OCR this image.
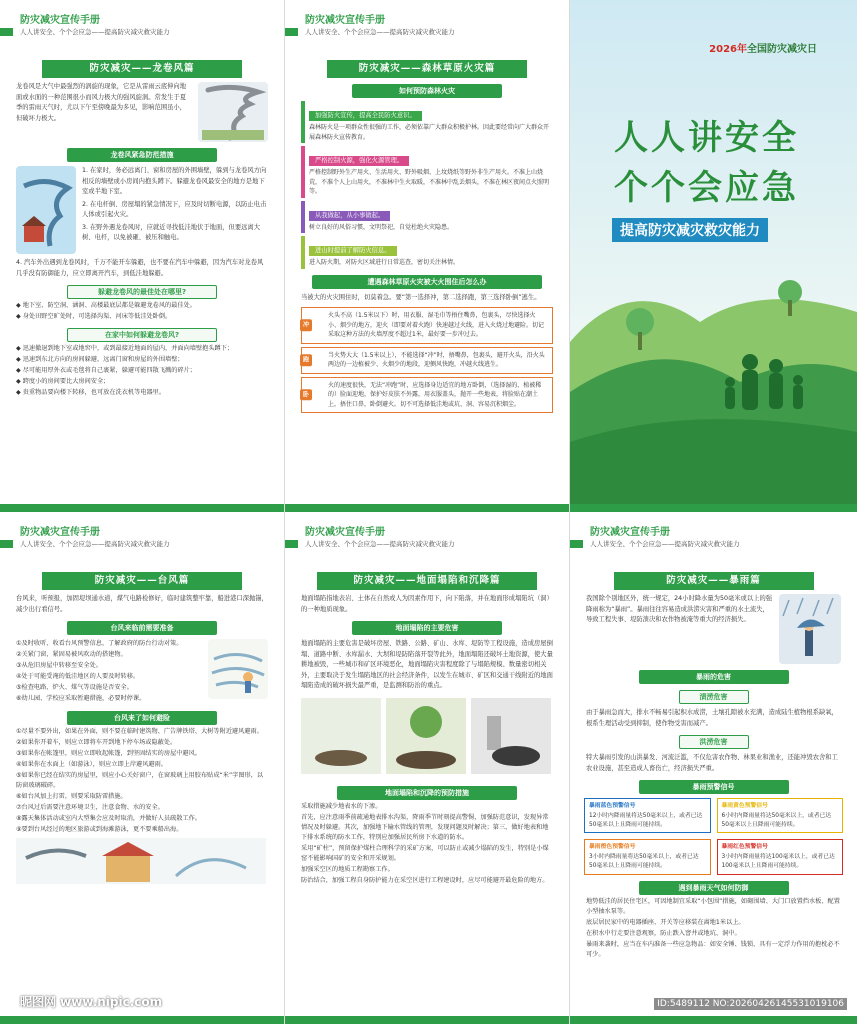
防灾减灾宣传手册
人人讲安全、个个会应急——提高防灾减灾救灾能力
防灾减灾——龙卷风篇
龙卷风是大气中最强烈的涡旋的现象，它是从雷雨云底伸向地面或水面的一种范围很小而风力极大的强风旋涡。常发生于夏季的雷雨天气时，尤以下午至傍晚最为多见，影响范围虽小，但破坏力极大。
龙卷风紧急防范措施
1. 在家时，务必远离门、窗和房屋的外围墙壁，躲到与龙卷风方向相反的墙壁或小房间内抱头蹲下。躲避龙卷风最安全的地方是地下室或半地下室。
2. 在电杆倒、房屋塌的紧急情况下，应及时切断电源，以防止电击人体或引起火灾。
3. 在野外遇龙卷风时，应就近寻找低洼地伏于地面，但要远离大树、电杆，以免被砸、被压和触电。
4. 汽车外出遇到龙卷风时，千万不能开车躲避，也不要在汽车中躲避，因为汽车对龙卷风几乎没有防御能力，应立即离开汽车，到低洼地躲避。
躲避龙卷风的最佳处在哪里?
◆ 地下室、防空洞、涵洞、高楼最底层都是躲避龙卷风的最佳处。
◆ 身处田野空旷处时，可选择沟渠、河床等低洼处卧倒。
在家中如何躲避龙卷风?
◆ 迅速撤退到地下室或地窖中，或到最接近地面的屋内，并面向墙壁抱头蹲下；
◆ 迅速到东北方向的房间躲避，远离门窗和房屋的外围墙壁；
◆ 尽可能用厚外衣或毛毯将自己裹紧，躲避可能四散飞溅的碎片；
◆ 跨度小的房间要比大房间安全；
◆ 贵重物品要向楼下转移，也可放在洗衣机等电器里。
防灾减灾宣传手册
人人讲安全、个个会应急——提高防灾减灾救灾能力
防灾减灾——森林草原火灾篇
如何预防森林火灾
加强防火宣传，提高全民防火意识。
森林防火是一项群众性很强的工作，必须依靠广大群众积极护林。因此要经常向广大群众开展森林防火宣传教育。
严格控制火源，强化火源管理。
严格控制野外生产用火、生活用火、野外吸烟、上坟烧纸等野外非生产用火。不准上山烧荒，不准个人上山用火，不准林中生火取暖，不准林中乱丢烟头，不准在林区夜间点火照明等。
从我做起，从小事做起。
树立良好的风俗习惯，文明祭祀，自觉杜绝火灾隐患。
进山时提前了解防火信息。
进入防火期，对防火区域进行日常巡查，密切关注林情。
遭遇森林草原火灾被大火围住后怎么办
当被大的火灾围住时，切莫着急。要“第一选择冲，第二选择跑，第三选择卧倒”逃生。
冲
火头不高（1.5米以下）时，用衣服、湿毛巾等捂住嘴鼻，包裹头，尽快选择火小、烟少的地方，迎火（即要对着火跑）快速越过火线，进入火烧过地避险。切记采取这种方法的火墙厚度不超过1米，最好要一步冲过去。
跑
当火势大大（1.5米以上），不能选择“冲”时，捂嘴鼻，包裹头，避开火头，沿火头两边的一边植被少、火烟少的地段，迎侧风快跑，冲越火线逃生。
卧
火的速度很快，无法“冲跑”时，应选择身边适宜的地方卧倒，（选择湿的、植被稀的）脸面迎地，保护好皮肤不外露，用衣服盖头，抛开一些地表，将脸贴在潮土上，捂住口鼻，卧倒避火。切不可选择低洼地或坑、洞、容易沉积烟尘。
2026年全国防灾减灾日
人人讲安全
个个会应急
提高防灾减灾救灾能力
防灾减灾宣传手册
人人讲安全、个个会应急——提高防灾减灾救灾能力
防灾减灾——台风篇
台风来，听预报，加固堤坝通水道，煤气电路检修好，临时建筑整牢靠，船进港口深抛锚，减少出行看信号。
台风来临前需要准备
①及时收听、收看台风预警信息，了解政府的防台行动对策。
②关紧门窗，紧固易被风吹动的搭建物。
③从危旧房屋中转移至安全处。
④处于可能受淹的低洼地区的人要及时转移。
⑤检查电路、炉火、煤气等设施是否安全。
⑥幼儿园、学校应采取暂避措施，必要时停课。
台风来了如何避险
①尽量不要外出，如果在外面，则不要在临时建筑物、广告牌铁塔、大树等附近避风避雨。
②如果你开着车，则应立即将车开到地下停车场或隐蔽处。
③如果你在帐篷里，则应立即收起帐篷，到坚固结实的房屋中避风。
④如果你在水面上（如游泳），则应立即上岸避风避雨。
⑤如果你已经在结实的房屋里，则应小心关好窗户，在窗玻璃上用胶布贴成“米”字图形，以防窗玻璃破碎。
⑥如台风加上打雷，则要采取防雷措施。
⑦台风过后需要注意环境卫生，注意食物、水的安全。
⑧露天集体活动或室内大型集会应及时取消，并做好人员疏散工作。
⑨要到台风经过的地区旅游或到海滩游泳，更不要乘船出海。
防灾减灾宣传手册
人人讲安全、个个会应急——提高防灾减灾救灾能力
防灾减灾——地面塌陷和沉降篇
地面塌陷指地表岩、土体在自然或人为因素作用下，向下陷落，并在地面形成塌陷坑（洞）的一种地质现象。
地面塌陷的主要危害
地面塌陷的主要危害是破坏房屋、铁路、公路、矿山、水库、堤防等工程设施，造成房屋倒塌、道路中断、水库漏水、大坝和堤防陷落开裂等此外，地面塌陷还破坏土地资源，使大量耕地被毁，一些城市和矿区环境恶化，地面塌陷灾害程度除了与塌陷规模、数量密切相关外，主要取决于发生塌陷地区的社会经济条件，以发生在城市、矿区和交通干线附近的地面塌陷造成的破坏损失最严重，是监测和防治的重点。
地面塌陷和沉降的预防措施
采取措施减少地表水的下渗。
首先，应注意雨季前疏通地表排水沟渠，降雨季节时刻提高警惕，加强防范意识，发现异常情况及时躲避。其次，加强地下输水管线的管理，发现问题及时解决；第三，做好地表和地下排水系统的防水工作，特别应加强居民所房下水道的防水。
采用“矿柱”，预留保护煤柱合理科学的采矿方案，可以防止或减少塌陷的发生，特别是小煤窑不能影响国矿的安全和开采规划。
加强采空区的地质工程勘察工作。
防治结合，加强工程自身防护能力在采空区进行工程建设时，应尽可能避开最危险的地方。
防灾减灾宣传手册
人人讲安全、个个会应急——提高防灾减灾救灾能力
防灾减灾——暴雨篇
我国除个别地区外，统一规定，24小时降水量为50毫米或以上的强降雨称为“暴雨”。暴雨往往容易造成洪涝灾害和严重的水土流失，导致工程失事、堤防溃决和农作物被淹等重大的经济损失。
暴雨的危害
渍涝危害
由于暴雨急而大，排水不畅易引起积水成涝，土壤孔隙被水充满，造成陆生植物根系缺氧，根系生理活动受到抑制，使作物受害而减产。
洪涝危害
特大暴雨引发的山洪暴发、河流泛滥，不仅危害农作物、林果业和渔业，还能冲毁农舍和工农业设施，甚至造成人畜伤亡，经济损失严重。
暴雨预警信号
暴雨蓝色预警信号
12小时内降雨量将达50毫米以上，或者已达50毫米以上且降雨可能持续。
暴雨黄色预警信号
6小时内降雨量将达50毫米以上，或者已达50毫米以上且降雨可能持续。
暴雨橙色预警信号
3小时内降雨量将达50毫米以上，或者已达50毫米以上且降雨可能持续。
暴雨红色预警信号
3小时内降雨量将达100毫米以上，或者已达100毫米以上且降雨可能持续。
遇到暴雨天气如何防御
地势低洼的居民住宅区，可因地制宜采取“小包围”措施，如砌围墙、大门口放置挡水板、配置小型抽水泵等。
底层居民家中的电器插座、开关等应移装在离地1米以上。
在积水中行走要注意观察，防止跌入窨井或地坑、洞中。
暴雨来袭时，应当在车内准备一些应急物品：如安全锤、钱锁、具有一定浮力作用的抱枕必不可少。
昵图网 www.nipic.com	ID:5489112 NO:20260426145531019106
